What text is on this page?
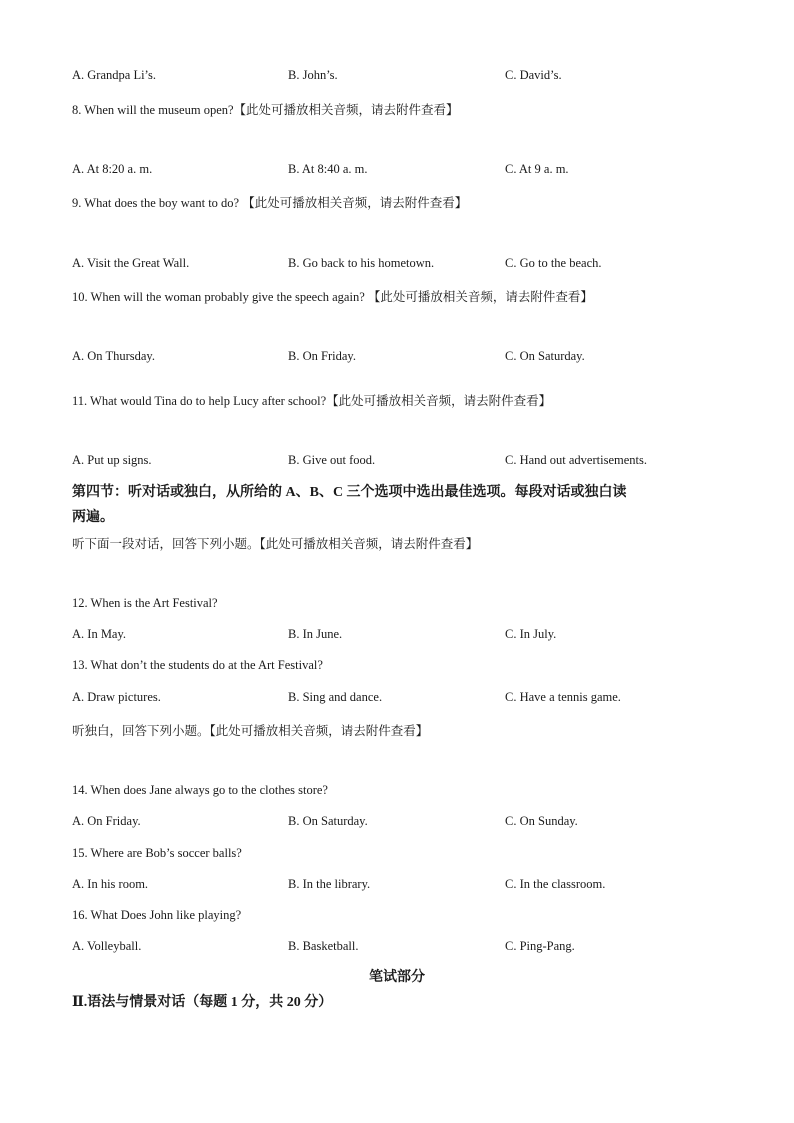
A. Grandpa Li’s.	B. John’s.	C. David’s.
8. When will the museum open?【此处可播放相关音频，请去附件查看】
A. At 8:20 a. m.	B. At 8:40 a. m.	C. At 9 a. m.
9. What does the boy want to do? 【此处可播放相关音频，请去附件查看】
A. Visit the Great Wall.	B. Go back to his hometown.	C. Go to the beach.
10. When will the woman probably give the speech again? 【此处可播放相关音频，请去附件查看】
A. On Thursday.	B. On Friday.	C. On Saturday.
11. What would Tina do to help Lucy after school?【此处可播放相关音频，请去附件查看】
A. Put up signs.	B. Give out food.	C. Hand out advertisements.
第四节：听对话或独白，从所给的 A、B、C 三个选项中选出最佳选项。每段对话或独白读
两遍。
听下面一段对话，回答下列小题。【此处可播放相关音频，请去附件查看】
12. When is the Art Festival?
A. In May.	B. In June.	C. In July.
13. What don’t the students do at the Art Festival?
A. Draw pictures.	B. Sing and dance.	C. Have a tennis game.
听独白，回答下列小题。【此处可播放相关音频，请去附件查看】
14. When does Jane always go to the clothes store?
A. On Friday.	B. On Saturday.	C. On Sunday.
15. Where are Bob’s soccer balls?
A. In his room.	B. In the library.	C. In the classroom.
16. What Does John like playing?
A. Volleyball.	B. Basketball.	C. Ping-Pang.
笔试部分
Ⅱ.语法与情景对话（每题 1 分，共 20 分）
